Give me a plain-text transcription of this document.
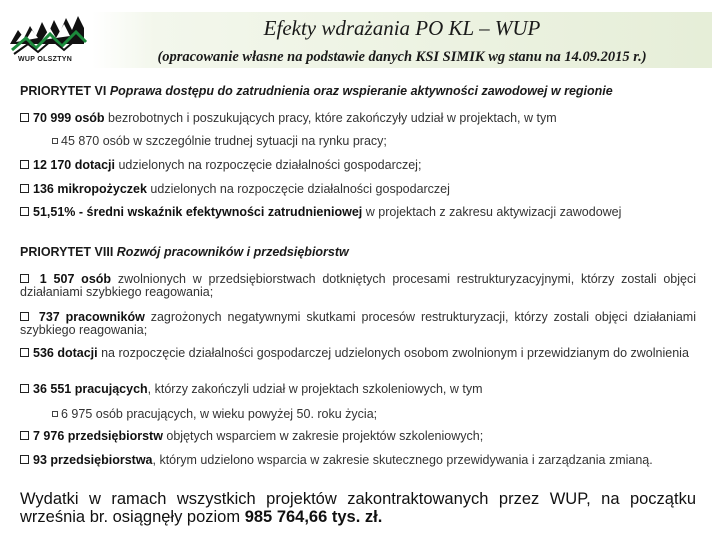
WUP OLSZTYN
Efekty wdrażania PO KL – WUP
(opracowanie własne na podstawie danych KSI SIMIK wg stanu na 14.09.2015 r.)
PRIORYTET VI Poprawa dostępu do zatrudnienia oraz wspieranie aktywności zawodowej w regionie
70 999 osób bezrobotnych i poszukujących pracy, które zakończyły udział w projektach, w tym
45 870 osób w szczególnie trudnej sytuacji na rynku pracy;
12 170 dotacji udzielonych na rozpoczęcie działalności gospodarczej;
136 mikropożyczek udzielonych na rozpoczęcie działalności gospodarczej
51,51% - średni wskaźnik efektywności zatrudnieniowej w projektach z zakresu aktywizacji zawodowej
PRIORYTET VIII Rozwój pracowników i przedsiębiorstw
1 507 osób zwolnionych w przedsiębiorstwach dotkniętych procesami restrukturyzacyjnymi, którzy zostali objęci działaniami szybkiego reagowania;
737 pracowników zagrożonych negatywnymi skutkami procesów restrukturyzacji, którzy zostali objęci działaniami szybkiego reagowania;
536 dotacji na rozpoczęcie działalności gospodarczej udzielonych osobom zwolnionym i przewidzianym do zwolnienia
36 551 pracujących, którzy zakończyli udział w projektach szkoleniowych, w tym
6 975 osób pracujących, w wieku powyżej 50. roku życia;
7 976 przedsiębiorstw objętych wsparciem w zakresie projektów szkoleniowych;
93 przedsiębiorstwa, którym udzielono wsparcia w zakresie skutecznego przewidywania i zarządzania zmianą.
Wydatki w ramach wszystkich projektów zakontraktowanych przez WUP, na początku września br. osiągnęły poziom 985 764,66 tys. zł.
